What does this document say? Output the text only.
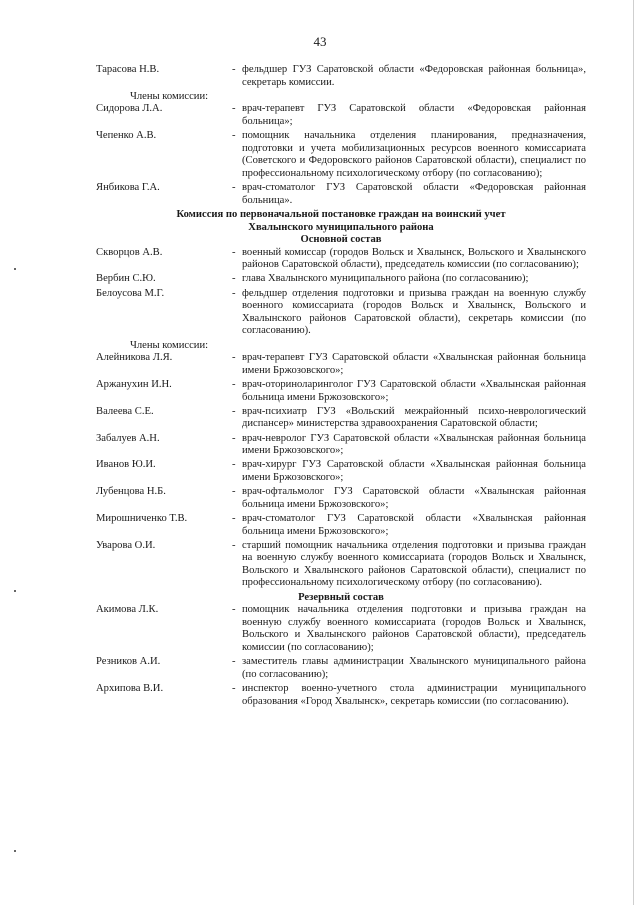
43
Тарасова Н.В.	- фельдшер ГУЗ Саратовской области «Федоровская районная больница», секретарь комиссии.
Члены комиссии:
Сидорова Л.А.	- врач-терапевт ГУЗ Саратовской области «Федоровская районная больница»;
Чепенко А.В.	- помощник начальника отделения планирования, предназначения, подготовки и учета мобилизационных ресурсов военного комиссариата (Советского и Федоровского районов Саратовской области), специалист по профессиональному психологическому отбору (по согласованию);
Янбикова Г.А.	- врач-стоматолог ГУЗ Саратовской области «Федоровская районная больница».
Комиссия по первоначальной постановке граждан на воинский учет
Хвалынского муниципального района
Основной состав
Скворцов А.В.	- военный комиссар (городов Вольск и Хвалынск, Вольского и Хвалынского районов Саратовской области), председатель комиссии (по согласованию);
Вербин С.Ю.	- глава Хвалынского муниципального района (по согласованию);
Белоусова М.Г.	- фельдшер отделения подготовки и призыва граждан на военную службу военного комиссариата (городов Вольск и Хвалынск, Вольского и Хвалынского районов Саратовской области), секретарь комиссии (по согласованию).
Члены комиссии:
Алейникова Л.Я.	- врач-терапевт ГУЗ Саратовской области «Хвалынская районная больница имени Бржозовского»;
Аржанухин И.Н.	- врач-оториноларинголог ГУЗ Саратовской области «Хвалынская районная больница имени Бржозовского»;
Валеева С.Е.	- врач-психиатр ГУЗ «Вольский межрайонный психо-неврологический диспансер» министерства здравоохранения Саратовской области;
Забалуев А.Н.	- врач-невролог ГУЗ Саратовской области «Хвалынская районная больница имени Бржозовского»;
Иванов Ю.И.	- врач-хирург ГУЗ Саратовской области «Хвалынская районная больница имени Бржозовского»;
Лубенцова Н.Б.	- врач-офтальмолог ГУЗ Саратовской области «Хвалынская районная больница имени Бржозовского»;
Мирошниченко Т.В.	- врач-стоматолог ГУЗ Саратовской области «Хвалынская районная больница имени Бржозовского»;
Уварова О.И.	- старший помощник начальника отделения подготовки и призыва граждан на военную службу военного комиссариата (городов Вольск и Хвалынск, Вольского и Хвалынского районов Саратовской области), специалист по профессиональному психологическому отбору (по согласованию).
Резервный состав
Акимова Л.К.	- помощник начальника отделения подготовки и призыва граждан на военную службу военного комиссариата (городов Вольск и Хвалынск, Вольского и Хвалынского районов Саратовской области), председатель комиссии (по согласованию);
Резников А.И.	- заместитель главы администрации Хвалынского муниципального района (по согласованию);
Архипова В.И.	- инспектор военно-учетного стола администрации муниципального образования «Город Хвалынск», секретарь комиссии (по согласованию).
